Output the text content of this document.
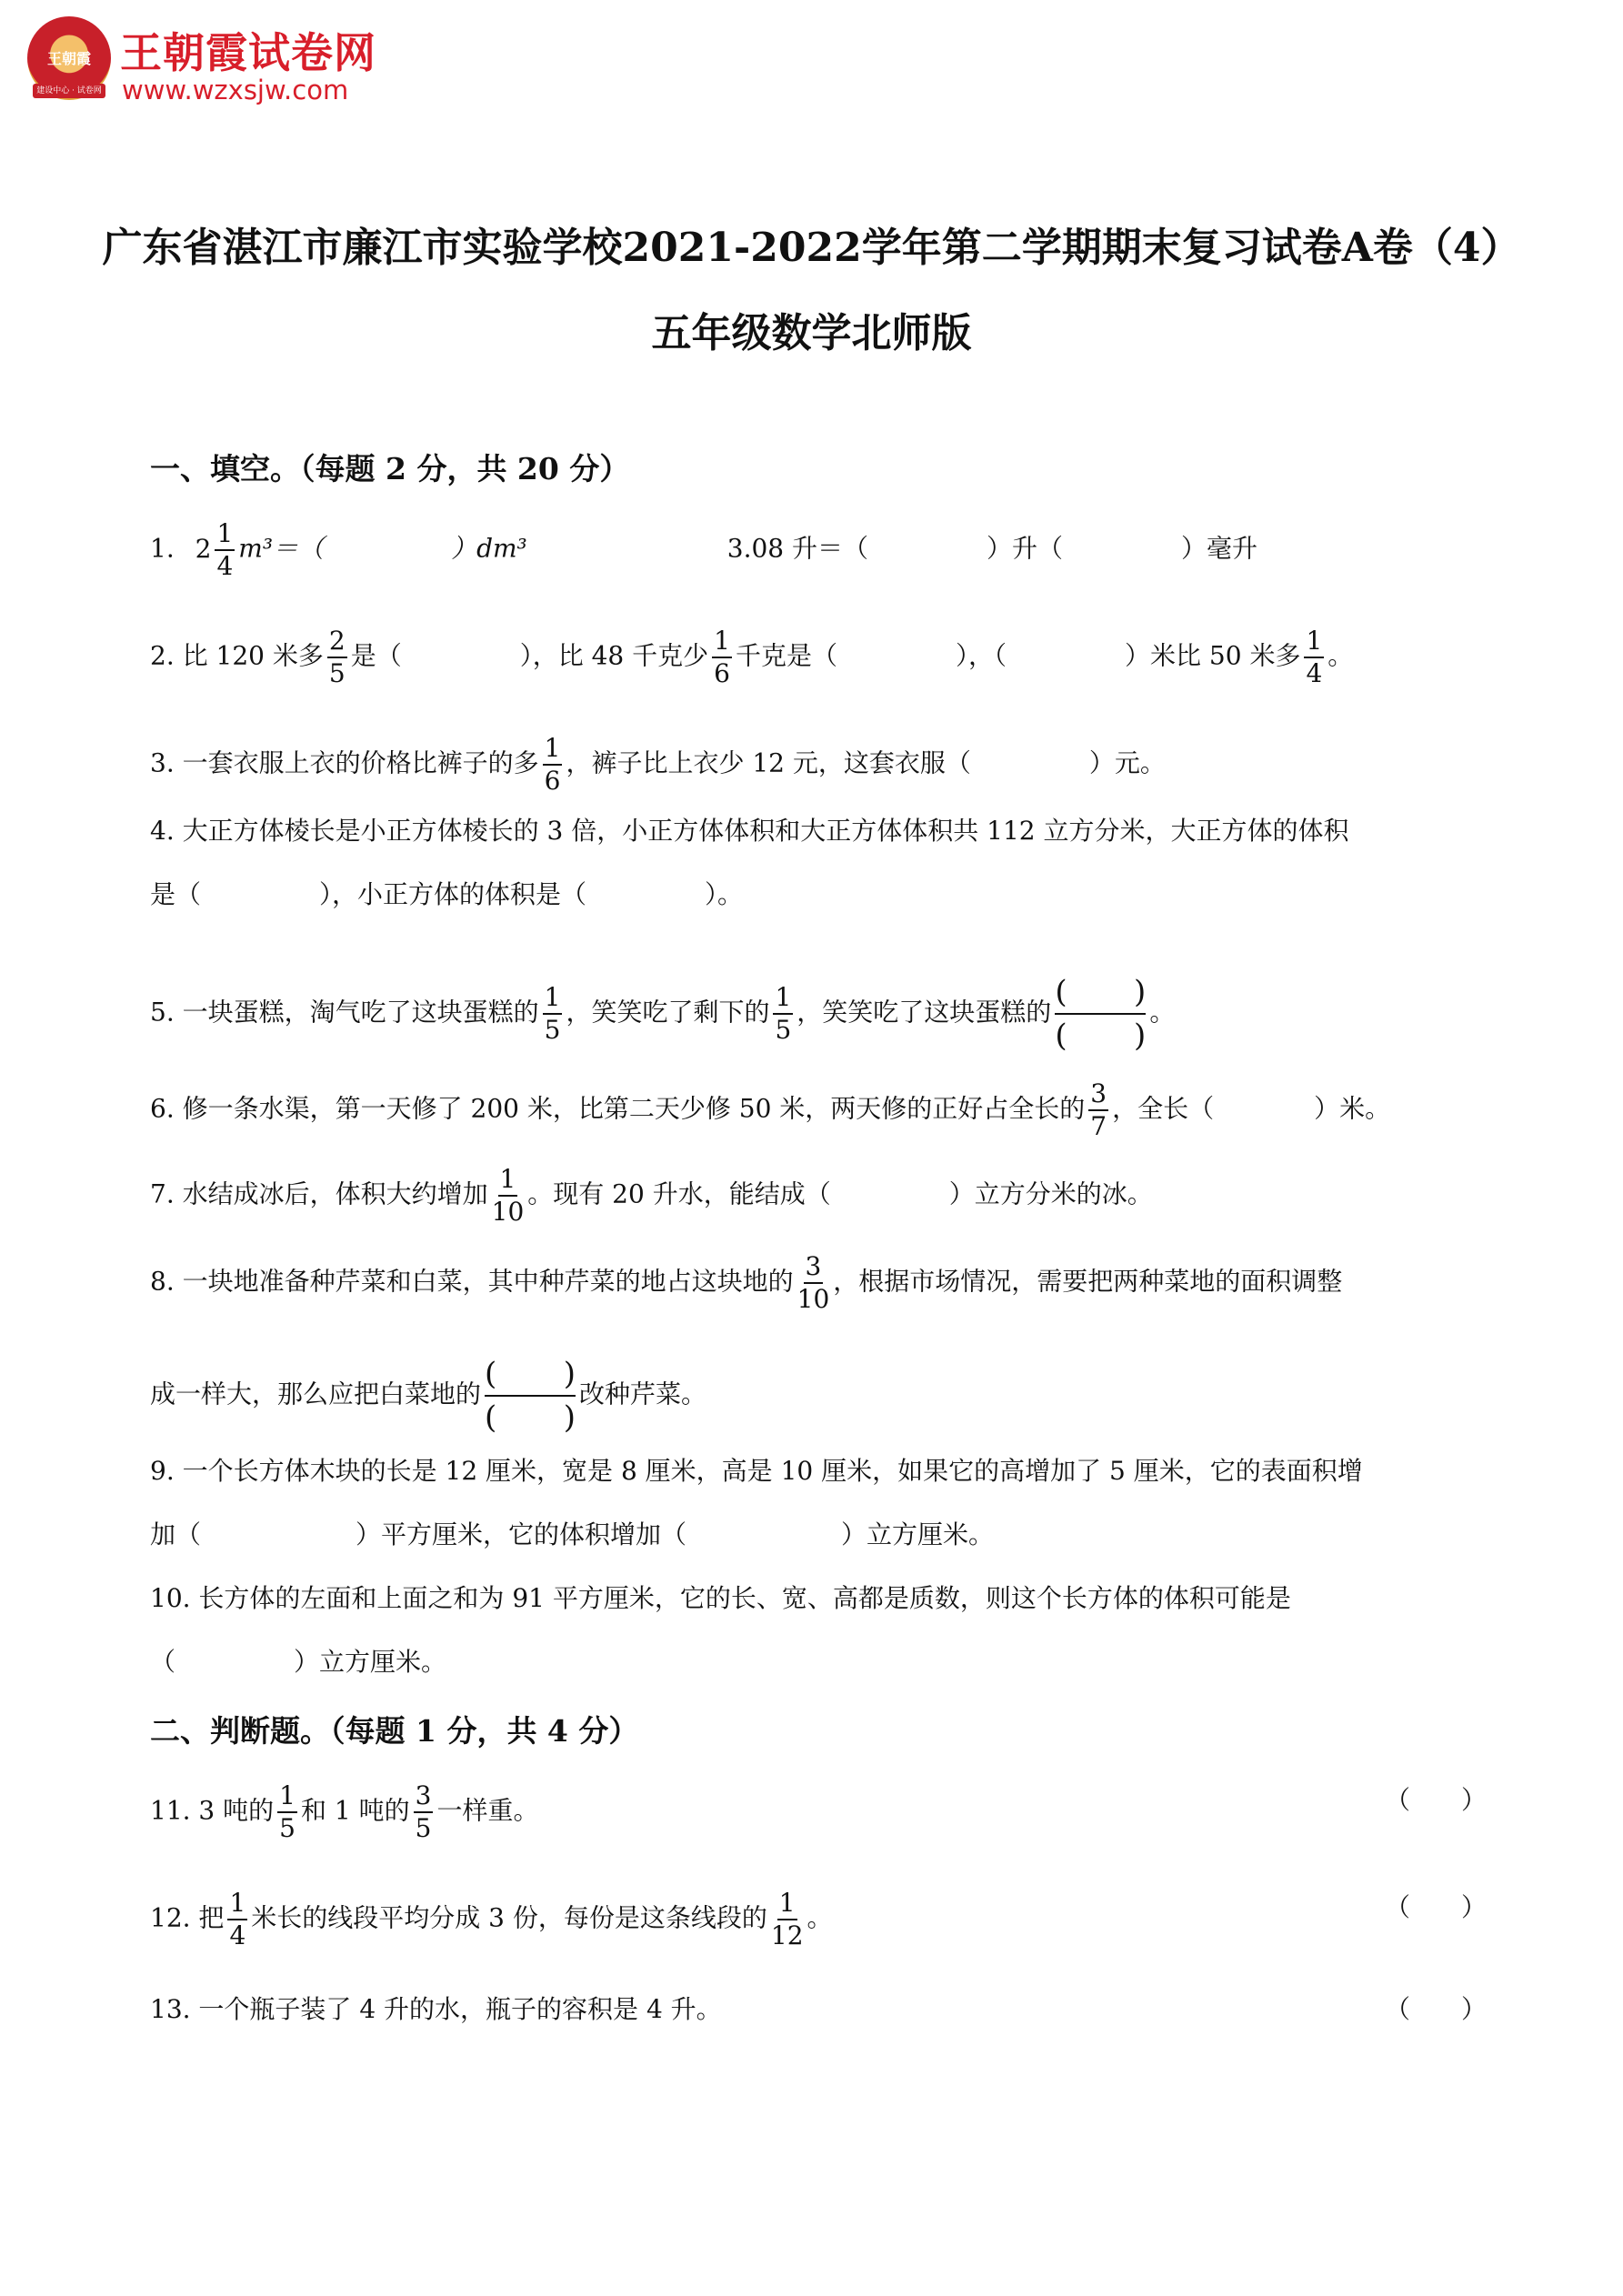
王朝霞
建设中心 · 试卷网
王朝霞试卷网
www.wzxsjw.com
广东省湛江市廉江市实验学校2021-2022学年第二学期期末复习试卷A卷（4）
五年级数学北师版
一、填空。（每题 2 分，共 20 分）
1. $2 \frac{1}{4} m^3=$（	）dm³	3.08 升＝（	）升（	）毫升
2. 比 120 米多 $\frac{2}{5}$ 是（	），比 48 千克少 $\frac{1}{6}$ 千克是（	），（	）米比 50 米多 $\frac{1}{4}$ 。
3. 一套衣服上衣的价格比裤子的多 $\frac{1}{6}$ ，裤子比上衣少 12 元，这套衣服（	）元。
4. 大正方体棱长是小正方体棱长的 3 倍，小正方体体积和大正方体体积共 112 立方分米，大正方体的体积
是（	），小正方体的体积是（	）。
5. 一块蛋糕，淘气吃了这块蛋糕的 $\frac{1}{5}$ ，笑笑吃了剩下的 $\frac{1}{5}$ ，笑笑吃了这块蛋糕的
( )
( )
。
6. 修一条水渠，第一天修了 200 米，比第二天少修 50 米，两天修的正好占全长的 $\frac{3}{7}$ ，全长（	）米。
7. 水结成冰后，体积大约增加 $\frac{1}{10}$ 。现有 20 升水，能结成（	）立方分米的冰。
8. 一块地准备种芹菜和白菜，其中种芹菜的地占这块地的 $\frac{3}{10}$ ，根据市场情况，需要把两种菜地的面积调整
成一样大，那么应把白菜地的
( )
( )
改种芹菜。
9. 一个长方体木块的长是 12 厘米，宽是 8 厘米，高是 10 厘米，如果它的高增加了 5 厘米，它的表面积增
加（	）平方厘米，它的体积增加（	）立方厘米。
10. 长方体的左面和上面之和为 91 平方厘米，它的长、宽、高都是质数，则这个长方体的体积可能是
（	）立方厘米。
二、判断题。（每题 1 分，共 4 分）
11. 3 吨的 $\frac{1}{5}$ 和 1 吨的 $\frac{3}{5}$ 一样重。	（　　）
12. 把 $\frac{1}{4}$ 米长的线段平均分成 3 份，每份是这条线段的 $\frac{1}{12}$ 。	（　　）
13. 一个瓶子装了 4 升的水，瓶子的容积是 4 升。	（　　）
